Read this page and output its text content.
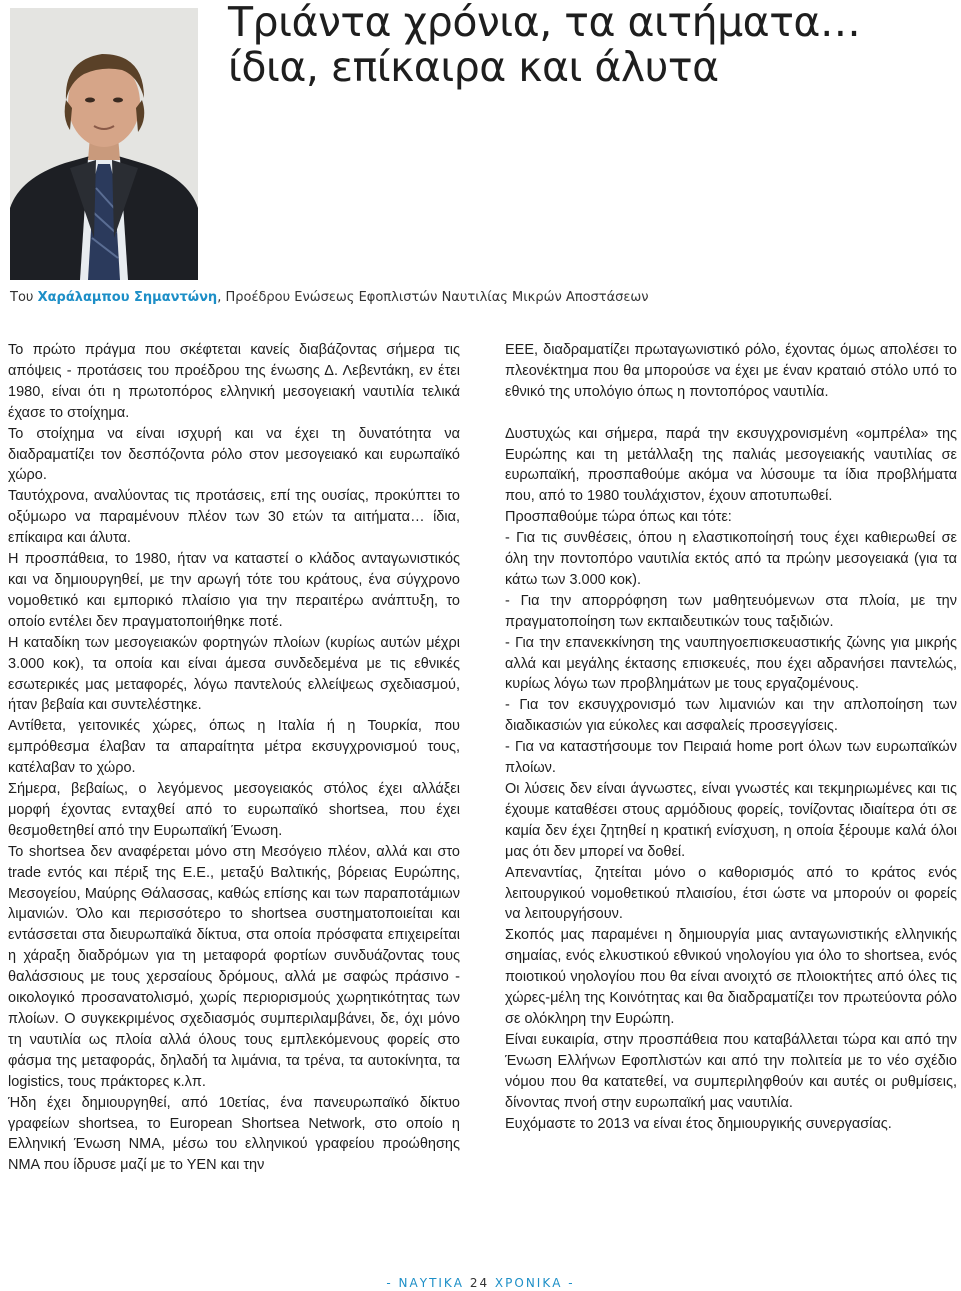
Τριάντα χρόνια, τα αιτήματα…
ίδια, επίκαιρα και άλυτα
Του Χαράλαμπου Σημαντώνη, Προέδρου Ενώσεως Εφοπλιστών Ναυτιλίας Μικρών Αποστάσεων

Το πρώτο πράγμα που σκέφτεται κανείς διαβάζοντας σήμερα τις απόψεις - προτάσεις του προέδρου της ένωσης Δ. Λεβεντάκη, εν έτει 1980, είναι ότι η πρωτοπόρος ελληνική μεσογειακή ναυτιλία τελικά έχασε το στοίχημα.

Το στοίχημα να είναι ισχυρή και να έχει τη δυνατότητα να διαδραματίζει τον δεσπόζοντα ρόλο στον μεσογειακό και ευρωπαϊκό χώρο.

Ταυτόχρονα, αναλύοντας τις προτάσεις, επί της ουσίας, προκύπτει το οξύμωρο να παραμένουν πλέον των 30 ετών τα αιτήματα… ίδια, επίκαιρα και άλυτα.

Η προσπάθεια, το 1980, ήταν να καταστεί ο κλάδος ανταγωνιστικός και να δημιουργηθεί, με την αρωγή τότε του κράτους, ένα σύγχρονο νομοθετικό και εμπορικό πλαίσιο για την περαιτέρω ανάπτυξη, το οποίο εντέλει δεν πραγματοποιήθηκε ποτέ.

Η καταδίκη των μεσογειακών φορτηγών πλοίων (κυρίως αυτών μέχρι 3.000 κοκ), τα οποία και είναι άμεσα συνδεδεμένα με τις εθνικές εσωτερικές μας μεταφορές, λόγω παντελούς ελλείψεως σχεδιασμού, ήταν βεβαία και συντελέστηκε.

Αντίθετα, γειτονικές χώρες, όπως η Ιταλία ή η Τουρκία, που εμπρόθεσμα έλαβαν τα απαραίτητα μέτρα εκσυγχρονισμού τους, κατέλαβαν το χώρο.

Σήμερα, βεβαίως, ο λεγόμενος μεσογειακός στόλος έχει αλλάξει μορφή έχοντας ενταχθεί από το ευρωπαϊκό shortsea, που έχει θεσμοθετηθεί από την Ευρωπαϊκή Ένωση.

Το shortsea δεν αναφέρεται μόνο στη Μεσόγειο πλέον, αλλά και στο trade εντός και πέριξ της Ε.Ε., μεταξύ Βαλτικής, βόρειας Ευρώπης, Μεσογείου, Μαύρης Θάλασσας, καθώς επίσης και των παραποτάμιων λιμανιών. Όλο και περισσότερο το shortsea συστηματοποιείται και εντάσσεται στα διευρωπαϊκά δίκτυα, στα οποία πρόσφατα επιχειρείται η χάραξη διαδρόμων για τη μεταφορά φορτίων συνδυάζοντας τους θαλάσσιους με τους χερσαίους δρόμους, αλλά με σαφώς πράσινο - οικολογικό προσανατολισμό, χωρίς περιορισμούς χωρητικότητας των πλοίων. Ο συγκεκριμένος σχεδιασμός συμπεριλαμβάνει, δε, όχι μόνο τη ναυτιλία ως πλοία αλλά όλους τους εμπλεκόμενους φορείς στο φάσμα της μεταφοράς, δηλαδή τα λιμάνια, τα τρένα, τα αυτοκίνητα, τα logistics, τους πράκτορες κ.λπ.

Ήδη έχει δημιουργηθεί, από 10ετίας, ένα πανευρωπαϊκό δίκτυο γραφείων shortsea, το European Shortsea Network, στο οποίο η Ελληνική Ένωση ΝΜΑ, μέσω του ελληνικού γραφείου προώθησης ΝΜΑ που ίδρυσε μαζί με το ΥΕΝ και την

ΕΕΕ, διαδραματίζει πρωταγωνιστικό ρόλο, έχοντας όμως απολέσει το πλεονέκτημα που θα μπορούσε να έχει με έναν κραταιό στόλο υπό το εθνικό της υπολόγιο όπως η ποντοπόρος ναυτιλία.

Δυστυχώς και σήμερα, παρά την εκσυγχρονισμένη «ομπρέλα» της Ευρώπης και τη μετάλλαξη της παλιάς μεσογειακής ναυτιλίας σε ευρωπαϊκή, προσπαθούμε ακόμα να λύσουμε τα ίδια προβλήματα που, από το 1980 τουλάχιστον, έχουν αποτυπωθεί.

Προσπαθούμε τώρα όπως και τότε:

- Για τις συνθέσεις, όπου η ελαστικοποίησή τους έχει καθιερωθεί σε όλη την ποντοπόρο ναυτιλία εκτός από τα πρώην μεσογειακά (για τα κάτω των 3.000 κοκ).

- Για την απορρόφηση των μαθητευόμενων στα πλοία, με την πραγματοποίηση των εκπαιδευτικών τους ταξιδιών.

- Για την επανεκκίνηση της ναυπηγοεπισκευαστικής ζώνης για μικρής αλλά και μεγάλης έκτασης επισκευές, που έχει αδρανήσει παντελώς, κυρίως λόγω των προβλημάτων με τους εργαζομένους.

- Για τον εκσυγχρονισμό των λιμανιών και την απλοποίηση των διαδικασιών για εύκολες και ασφαλείς προσεγγίσεις.

- Για να καταστήσουμε τον Πειραιά home port όλων των ευρωπαϊκών πλοίων.

Οι λύσεις δεν είναι άγνωστες, είναι γνωστές και τεκμηριωμένες και τις έχουμε καταθέσει στους αρμόδιους φορείς, τονίζοντας ιδιαίτερα ότι σε καμία δεν έχει ζητηθεί η κρατική ενίσχυση, η οποία ξέρουμε καλά όλοι μας ότι δεν μπορεί να δοθεί.

Απεναντίας, ζητείται μόνο ο καθορισμός από το κράτος ενός λειτουργικού νομοθετικού πλαισίου, έτσι ώστε να μπορούν οι φορείς να λειτουργήσουν.

Σκοπός μας παραμένει η δημιουργία μιας ανταγωνιστικής ελληνικής σημαίας, ενός ελκυστικού εθνικού νηολογίου για όλο το shortsea, ενός ποιοτικού νηολογίου που θα είναι ανοιχτό σε πλοιοκτήτες από όλες τις χώρες-μέλη της Κοινότητας και θα διαδραματίζει τον πρωτεύοντα ρόλο σε ολόκληρη την Ευρώπη.

Είναι ευκαιρία, στην προσπάθεια που καταβάλλεται τώρα και από την Ένωση Ελλήνων Εφοπλιστών και από την πολιτεία με το νέο σχέδιο νόμου που θα κατατεθεί, να συμπεριληφθούν και αυτές οι ρυθμίσεις, δίνοντας πνοή στην ευρωπαϊκή μας ναυτιλία.

Ευχόμαστε το 2013 να είναι έτος δημιουργικής συνεργασίας.

- ΝΑΥΤΙΚΑ 24 ΧΡΟΝΙΚΑ -
